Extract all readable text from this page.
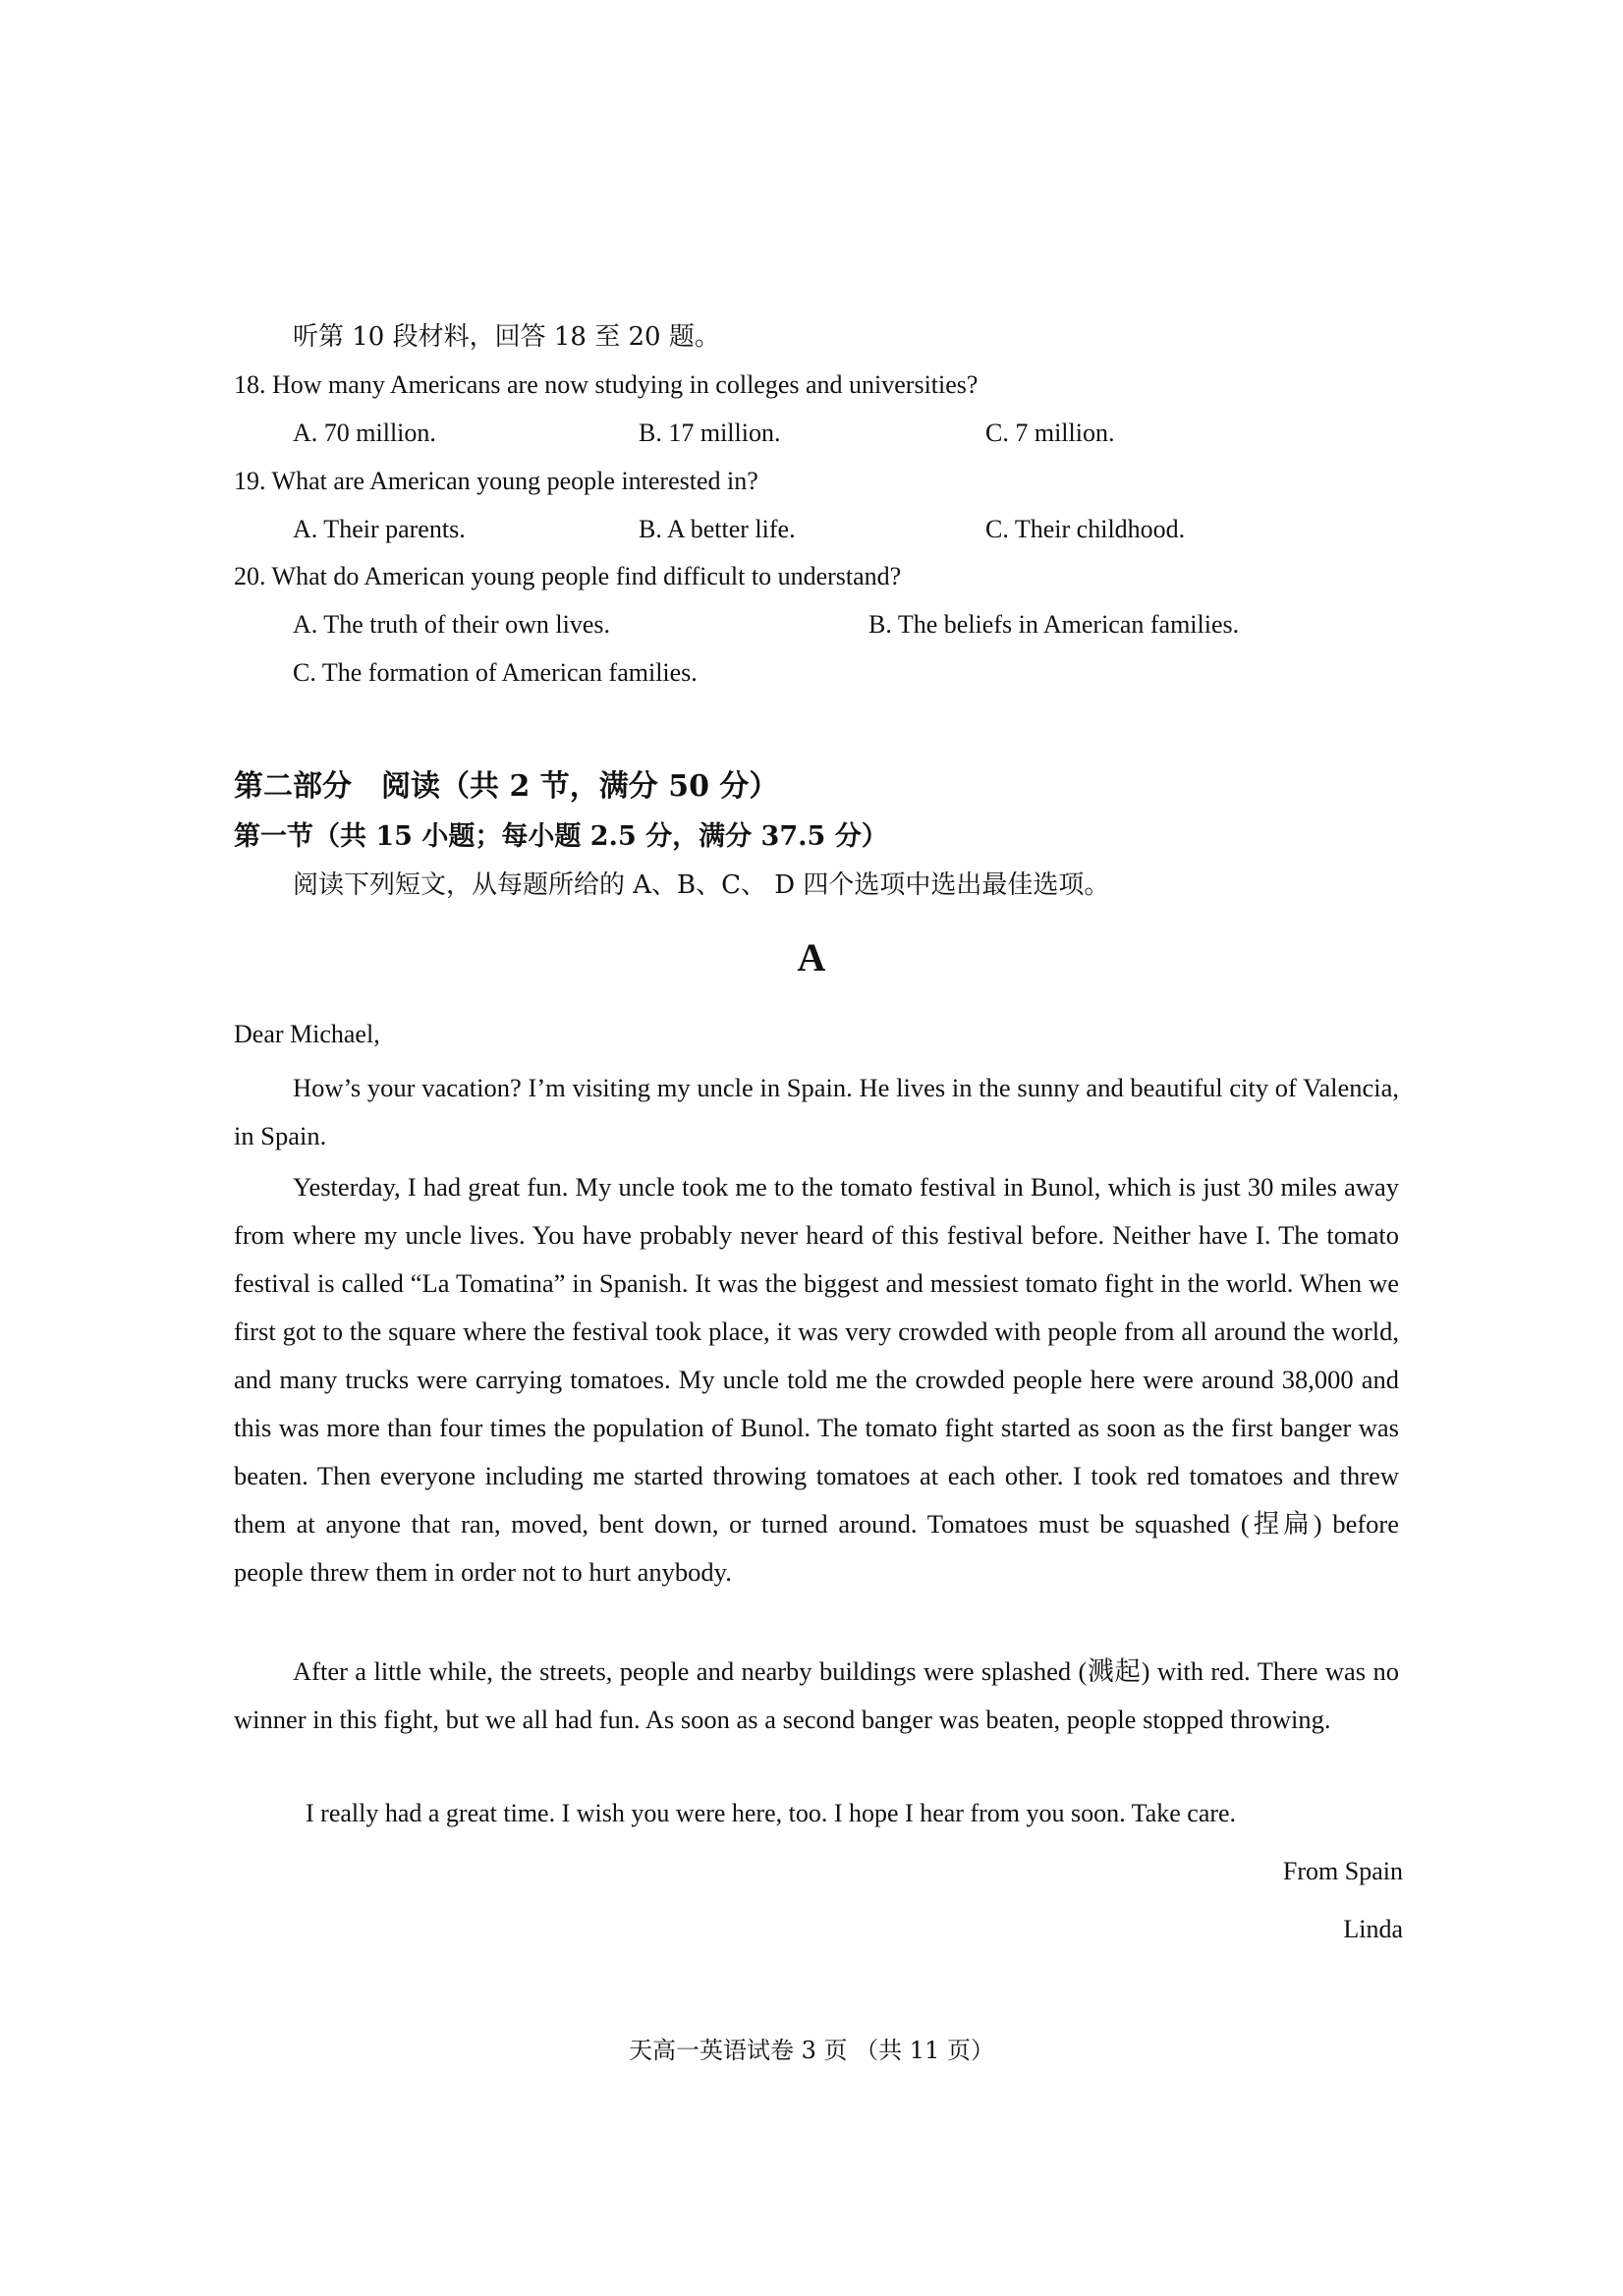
听第 10 段材料，回答 18 至 20 题。
18. How many Americans are now studying in colleges and universities?
A. 70 million.	B. 17 million.	C. 7 million.
19. What are American young people interested in?
A. Their parents.	B. A better life.	C. Their childhood.
20. What do American young people find difficult to understand?
A. The truth of their own lives.	B. The beliefs in American families.
C. The formation of American families.
第二部分　阅读（共 2 节，满分 50 分）
第一节（共 15 小题；每小题 2.5 分，满分 37.5 分）
阅读下列短文，从每题所给的 A、B、C、 D 四个选项中选出最佳选项。
A
Dear Michael,
How’s your vacation? I’m visiting my uncle in Spain. He lives in the sunny and beautiful city of Valencia, in Spain.
Yesterday, I had great fun. My uncle took me to the tomato festival in Bunol, which is just 30 miles away from where my uncle lives. You have probably never heard of this festival before. Neither have I. The tomato festival is called “La Tomatina” in Spanish. It was the biggest and messiest tomato fight in the world. When we first got to the square where the festival took place, it was very crowded with people from all around the world, and many trucks were carrying tomatoes. My uncle told me the crowded people here were around 38,000 and this was more than four times the population of Bunol. The tomato fight started as soon as the first banger was beaten. Then everyone including me started throwing tomatoes at each other. I took red tomatoes and threw them at anyone that ran, moved, bent down, or turned around. Tomatoes must be squashed (捏扁) before people threw them in order not to hurt anybody.
After a little while, the streets, people and nearby buildings were splashed (溅起) with red. There was no winner in this fight, but we all had fun. As soon as a second banger was beaten, people stopped throwing.
I really had a great time. I wish you were here, too. I hope I hear from you soon. Take care.
From Spain
Linda
天高一英语试卷 3 页 （共 11 页）
